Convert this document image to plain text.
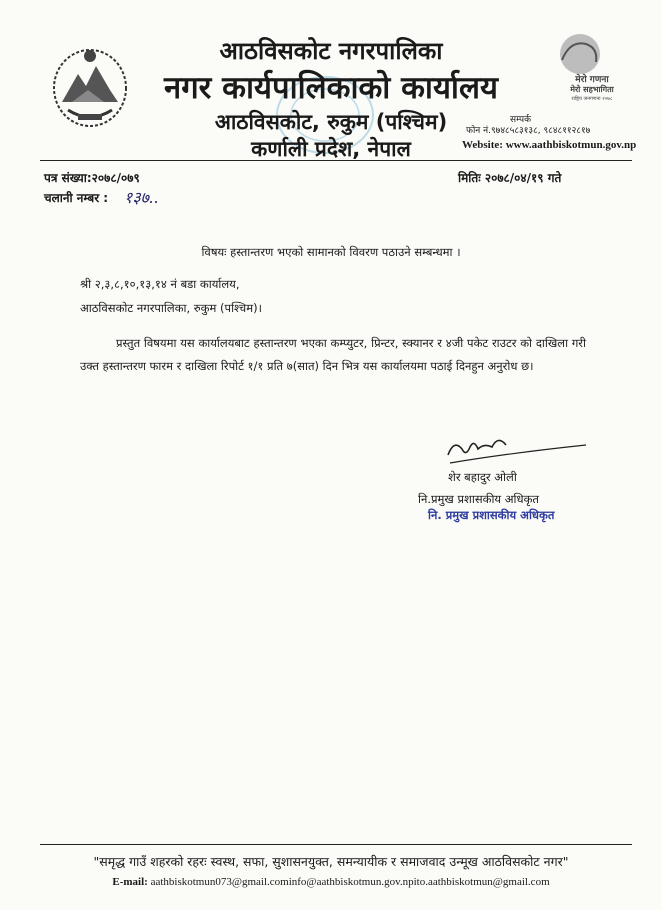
मेरो गणना
मेरो सहभागिता
राष्ट्रिय जनगणना २०७८
आठविसकोट नगरपालिका
नगर कार्यपालिकाको कार्यालय
आठविसकोट, रुकुम (पश्चिम)
कर्णाली प्रदेश, नेपाल
सम्पर्क
फोन नं.९७४८५८३१३८, ९८४८११२८१७
Website: www.aathbiskotmun.gov.np
पत्र संख्या:२०७८/०७९
चलानी नम्बर : १३७..
मितिः २०७८/०४/१९ गते
विषयः हस्तान्तरण भएको सामानको विवरण पठाउने सम्बन्धमा ।
श्री २,३,८,१०,१३,१४ नं बडा कार्यालय,
आठविसकोट नगरपालिका, रुकुम (पश्चिम)।
प्रस्तुत विषयमा यस कार्यालयबाट हस्तान्तरण भएका कम्प्युटर, प्रिन्टर, स्क्यानर र ४जी पकेट राउटर को दाखिला गरी उक्त हस्तान्तरण फारम र दाखिला रिपोर्ट १/१ प्रति ७(सात) दिन भित्र यस कार्यालयमा पठाई दिनहुन अनुरोध छ।
शेर बहादुर ओली
नि.प्रमुख प्रशासकीय अधिकृत
नि. प्रमुख प्रशासकीय अधिकृत
"समृद्ध गाउँ शहरको रहरः स्वस्थ, सफा, सुशासनयुक्त, समन्यायीक र समाजवाद उन्मूख आठविसकोट नगर"
E-mail: aathbiskotmun073@gmail.cominfo@aathbiskotmun.gov.npito.aathbiskotmun@gmail.com
